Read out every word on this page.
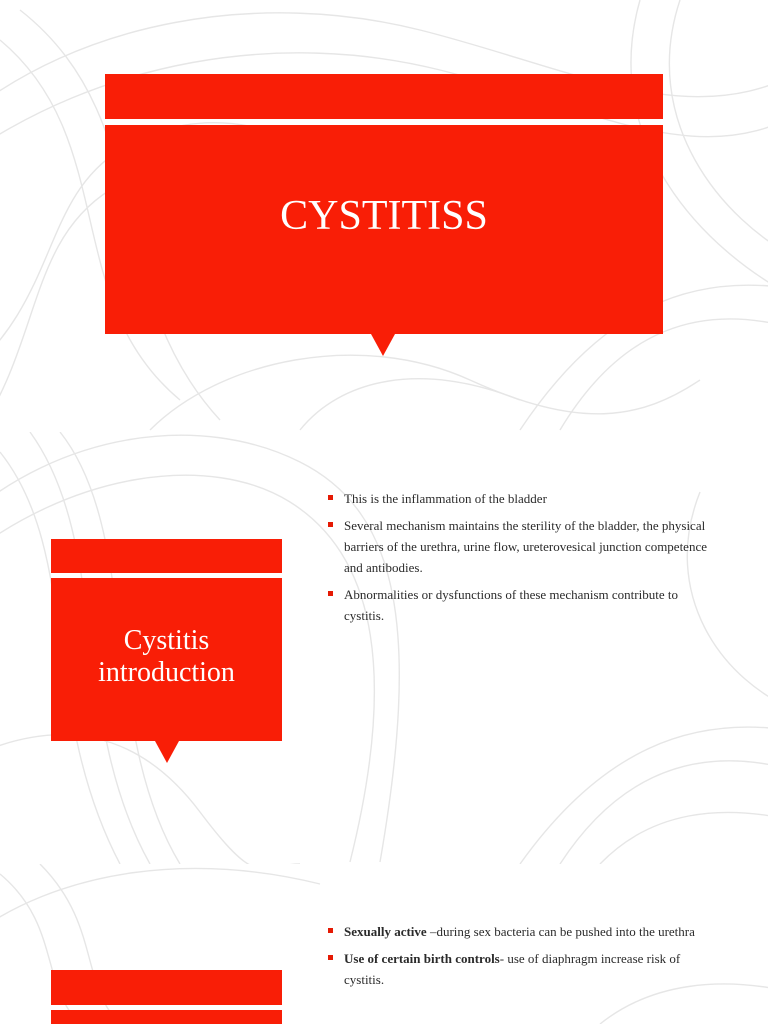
CYSTITISS
Cystitis
introduction
This is the inflammation of the bladder
Several mechanism maintains the sterility of the bladder, the physical barriers of the urethra, urine flow, ureterovesical junction competence and antibodies.
Abnormalities or dysfunctions of these mechanism contribute to cystitis.
Sexually active –during sex bacteria can be pushed into the urethra
Use of certain birth controls- use of diaphragm increase risk of cystitis.
